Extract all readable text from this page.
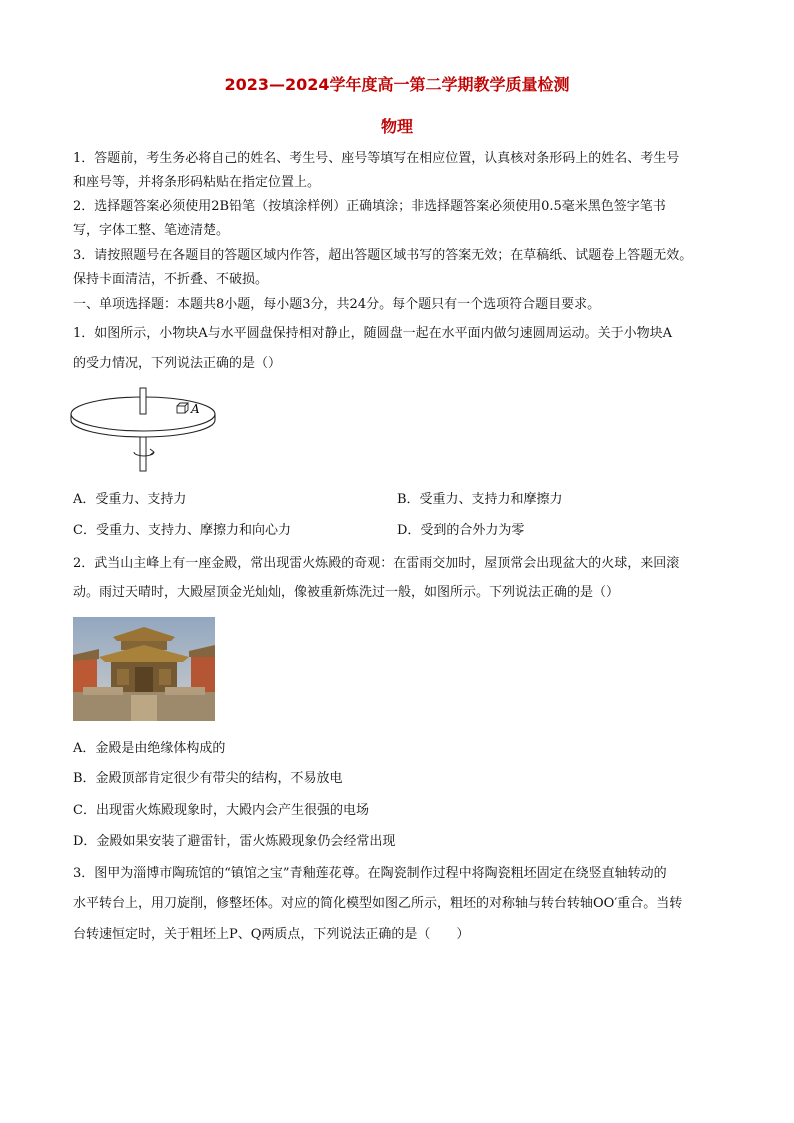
2023—2024学年度高一第二学期教学质量检测
物理
1．答题前，考生务必将自己的姓名、考生号、座号等填写在相应位置，认真核对条形码上的姓名、考生号
和座号等，并将条形码粘贴在指定位置上。
2．选择题答案必须使用2B铅笔（按填涂样例）正确填涂；非选择题答案必须使用0.5毫米黑色签字笔书
写，字体工整、笔迹清楚。
3．请按照题号在各题目的答题区域内作答，超出答题区域书写的答案无效；在草稿纸、试题卷上答题无效。
保持卡面清洁，不折叠、不破损。
一、单项选择题：本题共8小题，每小题3分，共24分。每个题只有一个选项符合题目要求。
1．如图所示，小物块A与水平圆盘保持相对静止，随圆盘一起在水平面内做匀速圆周运动。关于小物块A
的受力情况，下列说法正确的是（）
A
A．受重力、支持力	B．受重力、支持力和摩擦力
C．受重力、支持力、摩擦力和向心力	D．受到的合外力为零
2．武当山主峰上有一座金殿，常出现雷火炼殿的奇观：在雷雨交加时，屋顶常会出现盆大的火球，来回滚
动。雨过天晴时，大殿屋顶金光灿灿，像被重新炼洗过一般，如图所示。下列说法正确的是（）
A．金殿是由绝缘体构成的
B．金殿顶部肯定很少有带尖的结构，不易放电
C．出现雷火炼殿现象时，大殿内会产生很强的电场
D．金殿如果安装了避雷针，雷火炼殿现象仍会经常出现
3．图甲为淄博市陶琉馆的“镇馆之宝”青釉莲花尊。在陶瓷制作过程中将陶瓷粗坯固定在绕竖直轴转动的
水平转台上，用刀旋削，修整坯体。对应的简化模型如图乙所示，粗坯的对称轴与转台转轴OO′重合。当转
台转速恒定时，关于粗坯上P、Q两质点，下列说法正确的是（　　）
